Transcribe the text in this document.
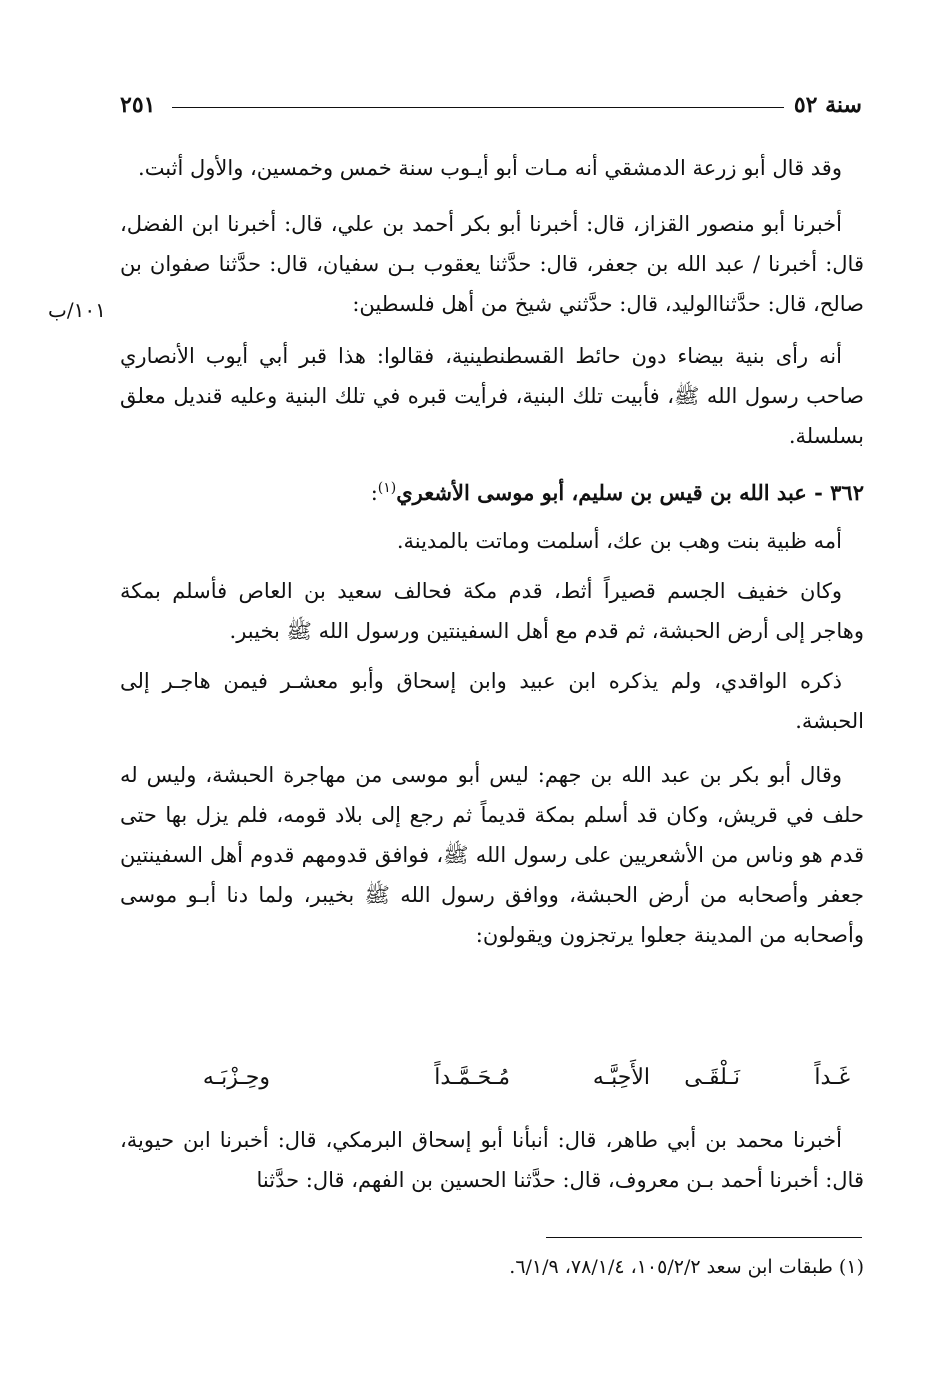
سنة ٥٢
٢٥١
١٠١/ب

وقد قال أبو زرعة الدمشقي أنه مـات أبو أيـوب سنة خمس وخمسين، والأول أثبت.

أخبرنا أبو منصور القزاز، قال: أخبرنا أبو بكر أحمد بن علي، قال: أخبرنا ابن الفضل، قال: أخبرنا / عبد الله بن جعفر، قال: حدَّثنا يعقوب بـن سفيان، قال: حدَّثنا صفوان بن صالح، قال: حدَّثناالوليد، قال: حدَّثني شيخ من أهل فلسطين:

أنه رأى بنية بيضاء دون حائط القسطنطينية، فقالوا: هذا قبر أبي أيوب الأنصاري صاحب رسول الله ﷺ، فأبيت تلك البنية، فرأيت قبره في تلك البنية وعليه قنديل معلق بسلسلة.

٣٦٢ - عبد الله بن قيس بن سليم، أبو موسى الأشعري$^{(١)}$:

أمه ظبية بنت وهب بن عك، أسلمت وماتت بالمدينة.

وكان خفيف الجسم قصيراً أثط، قدم مكة فحالف سعيد بن العاص فأسلم بمكة وهاجر إلى أرض الحبشة، ثم قدم مع أهل السفينتين ورسول الله ﷺ بخيبر.

ذكره الواقدي، ولم يذكره ابن عبيد وابن إسحاق وأبو معشـر فيمن هاجـر إلى الحبشة.

وقال أبو بكر بن عبد الله بن جهم: ليس أبو موسى من مهاجرة الحبشة، وليس له حلف في قريش، وكان قد أسلم بمكة قديماً ثم رجع إلى بلاد قومه، فلم يزل بها حتى قدم هو وناس من الأشعريين على رسول الله ﷺ، فوافق قدومهم قدوم أهل السفينتين جعفر وأصحابه من أرض الحبشة، ووافق رسول الله ﷺ بخيبر، ولما دنا أبـو موسى وأصحابه من المدينة جعلوا يرتجزون ويقولون:

غَـداً
نَـلْقَـى
الأَحِبَّـه
مُـحَـمَّـداً
وحِـزْبَـه

أخبرنا محمد بن أبي طاهر، قال: أنبأنا أبو إسحاق البرمكي، قال: أخبرنا ابن حيوية، قال: أخبرنا أحمد بـن معروف، قال: حدَّثنا الحسين بن الفهم، قال: حدَّثنا

(١) طبقات ابن سعد ١٠٥/٢/٢، ٧٨/١/٤، ٦/١/٩.
